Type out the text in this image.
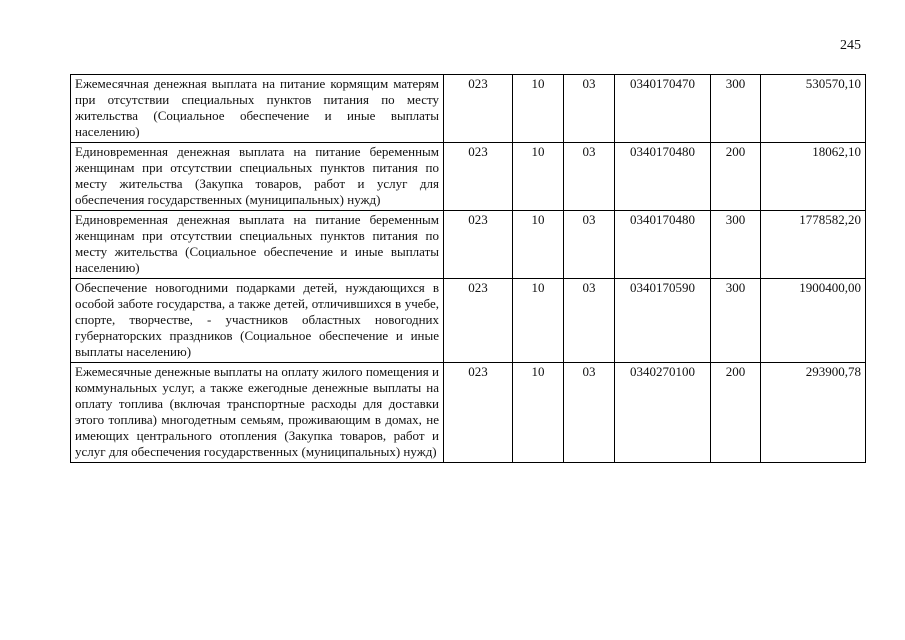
245
Ежемесячная денежная выплата на питание кормящим матерям при отсутствии специальных пунктов питания по месту жительства (Социальное обеспечение и иные выплаты населению)	023	10	03	0340170470	300	530570,10
Единовременная денежная выплата на питание беременным женщинам при отсутствии специальных пунктов питания по месту жительства (Закупка товаров, работ и услуг для обеспечения государственных (муниципальных) нужд)	023	10	03	0340170480	200	18062,10
Единовременная денежная выплата на питание беременным женщинам при отсутствии специальных пунктов питания по месту жительства (Социальное обеспечение и иные выплаты населению)	023	10	03	0340170480	300	1778582,20
Обеспечение новогодними подарками детей, нуждающихся в особой заботе государства, а также детей, отличившихся в учебе, спорте, творчестве, - участников областных новогодних губернаторских праздников (Социальное обеспечение и иные выплаты населению)	023	10	03	0340170590	300	1900400,00
Ежемесячные денежные выплаты на оплату жилого помещения и коммунальных услуг, а также ежегодные денежные выплаты на оплату топлива (включая транспортные расходы для доставки этого топлива) многодетным семьям, проживающим в домах, не имеющих центрального отопления (Закупка товаров, работ и услуг для обеспечения государственных (муниципальных) нужд)	023	10	03	0340270100	200	293900,78
